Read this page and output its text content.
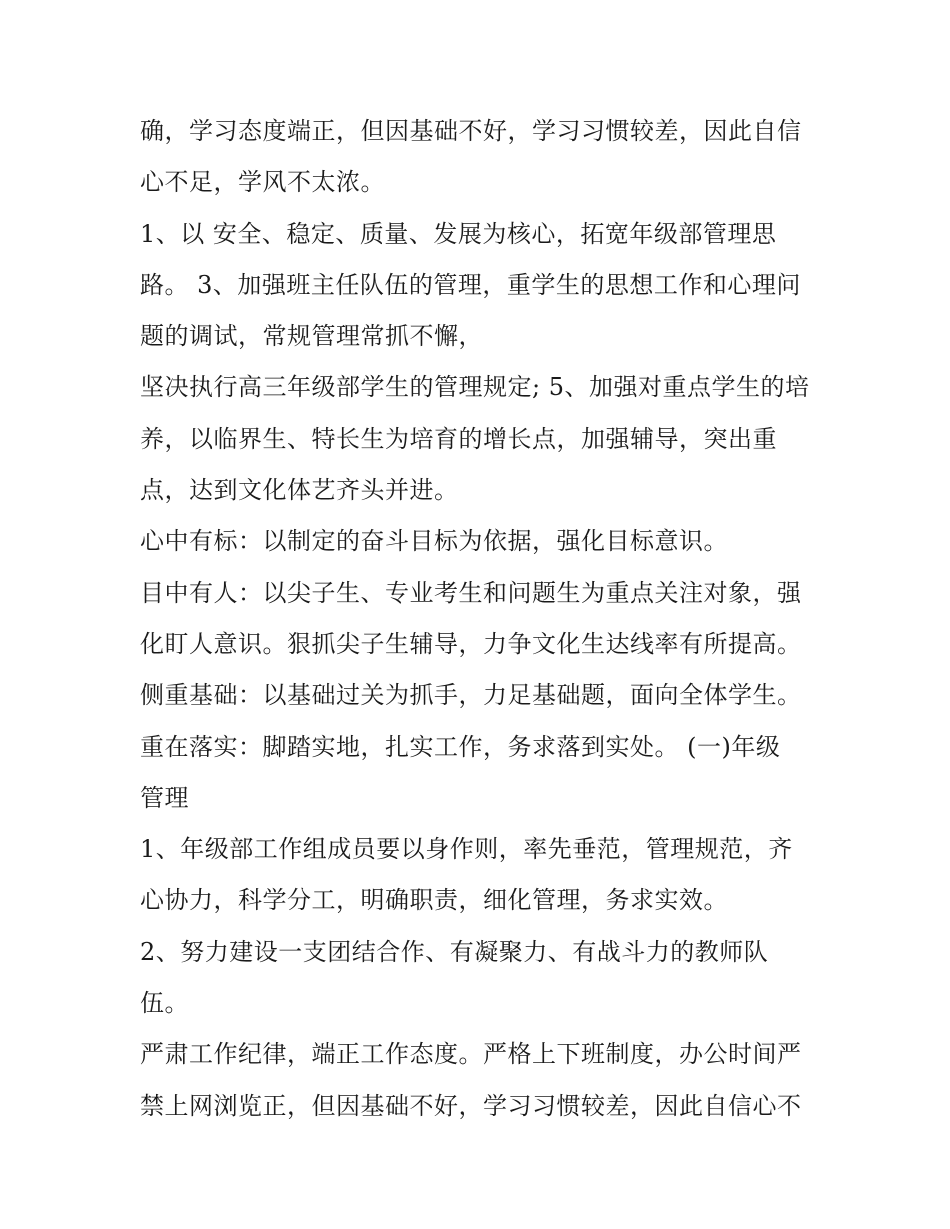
确，学习态度端正，但因基础不好，学习习惯较差，因此自信
心不足，学风不太浓。
1、以 安全、稳定、质量、发展为核心，拓宽年级部管理思
路。 3、加强班主任队伍的管理，重学生的思想工作和心理问
题的调试，常规管理常抓不懈，
坚决执行高三年级部学生的管理规定; 5、加强对重点学生的培
养，以临界生、特长生为培育的增长点，加强辅导，突出重
点，达到文化体艺齐头并进。
心中有标：以制定的奋斗目标为依据，强化目标意识。
目中有人：以尖子生、专业考生和问题生为重点关注对象，强
化盯人意识。狠抓尖子生辅导，力争文化生达线率有所提高。
侧重基础：以基础过关为抓手，力足基础题，面向全体学生。
重在落实：脚踏实地，扎实工作，务求落到实处。 (一)年级
管理
1、年级部工作组成员要以身作则，率先垂范，管理规范，齐
心协力，科学分工，明确职责，细化管理，务求实效。
2、努力建设一支团结合作、有凝聚力、有战斗力的教师队
伍。
严肃工作纪律，端正工作态度。严格上下班制度，办公时间严
禁上网浏览正，但因基础不好，学习习惯较差，因此自信心不
